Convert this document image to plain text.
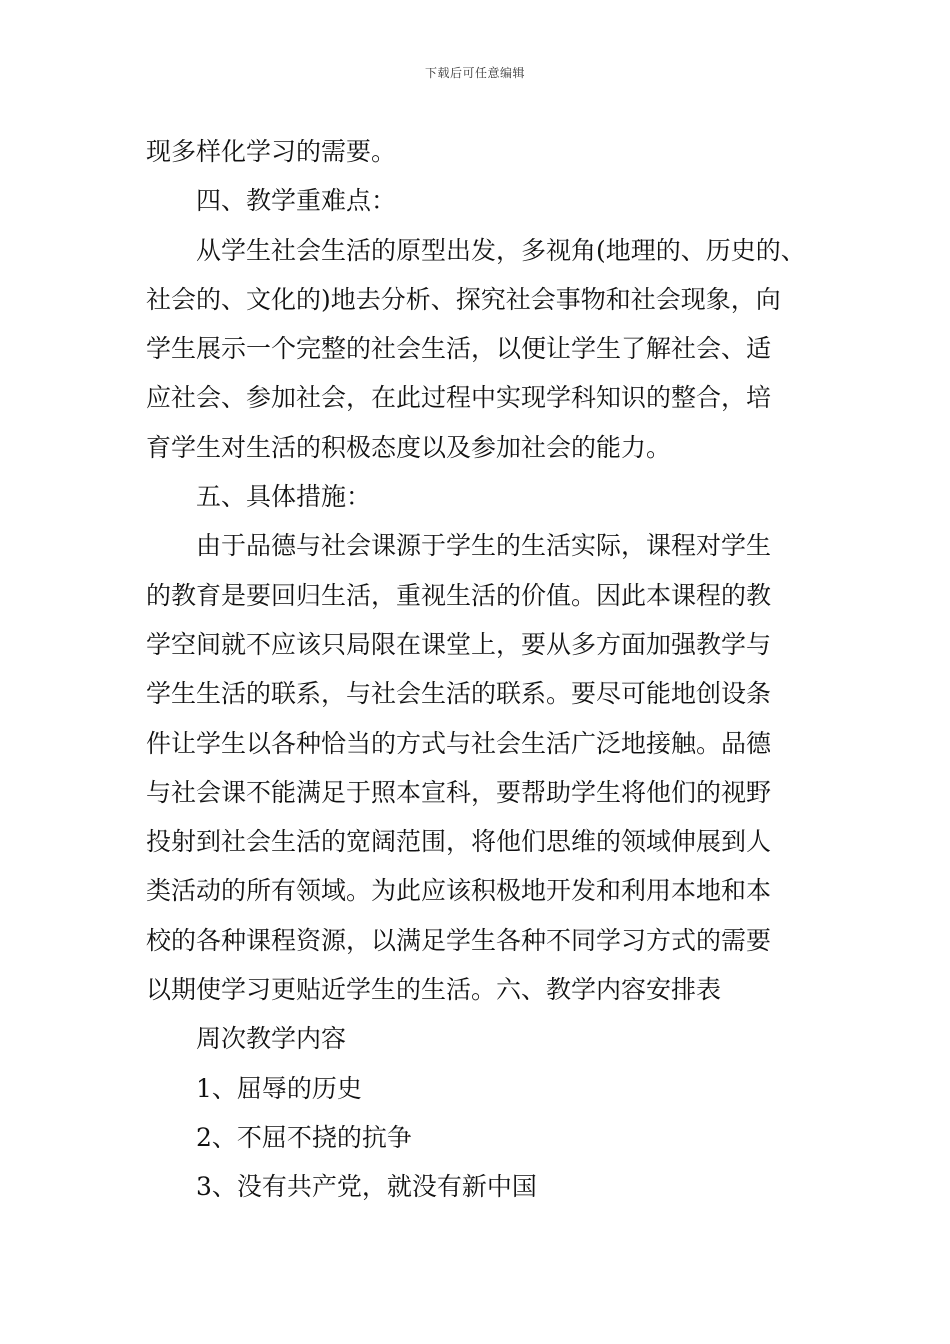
下载后可任意编辑
现多样化学习的需要。
四、教学重难点：
从学生社会生活的原型出发，多视角(地理的、历史的、
社会的、文化的)地去分析、探究社会事物和社会现象，向
学生展示一个完整的社会生活，以便让学生了解社会、适
应社会、参加社会，在此过程中实现学科知识的整合，培
育学生对生活的积极态度以及参加社会的能力。
五、具体措施：
由于品德与社会课源于学生的生活实际，课程对学生
的教育是要回归生活，重视生活的价值。因此本课程的教
学空间就不应该只局限在课堂上，要从多方面加强教学与
学生生活的联系，与社会生活的联系。要尽可能地创设条
件让学生以各种恰当的方式与社会生活广泛地接触。品德
与社会课不能满足于照本宣科，要帮助学生将他们的视野
投射到社会生活的宽阔范围，将他们思维的领域伸展到人
类活动的所有领域。为此应该积极地开发和利用本地和本
校的各种课程资源，以满足学生各种不同学习方式的需要
以期使学习更贴近学生的生活。六、教学内容安排表
周次教学内容
1、屈辱的历史
2、不屈不挠的抗争
3、没有共产党，就没有新中国
